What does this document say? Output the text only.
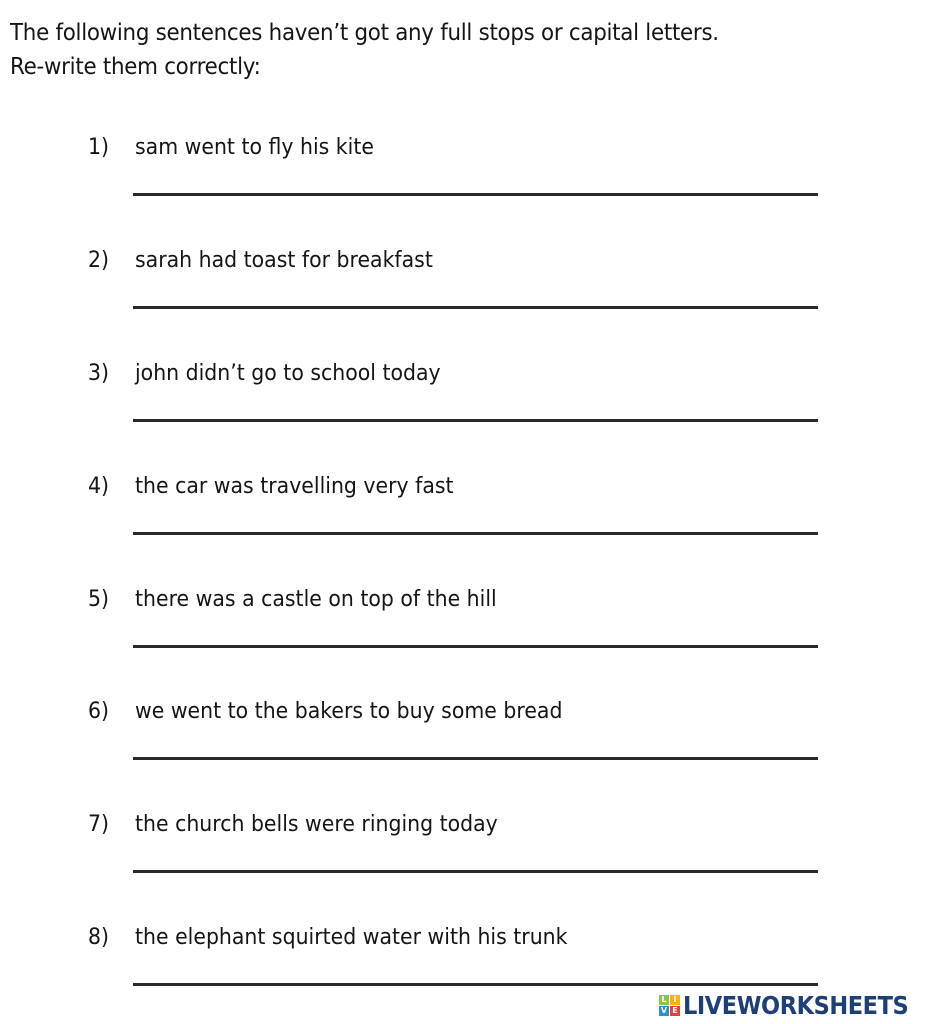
The following sentences haven’t got any full stops or capital letters.
Re-write them correctly:
1) sam went to fly his kite
2) sarah had toast for breakfast
3) john didn’t go to school today
4) the car was travelling very fast
5) there was a castle on top of the hill
6) we went to the bakers to buy some bread
7) the church bells were ringing today
8) the elephant squirted water with his trunk
L I
V E LIVEWORKSHEETS
